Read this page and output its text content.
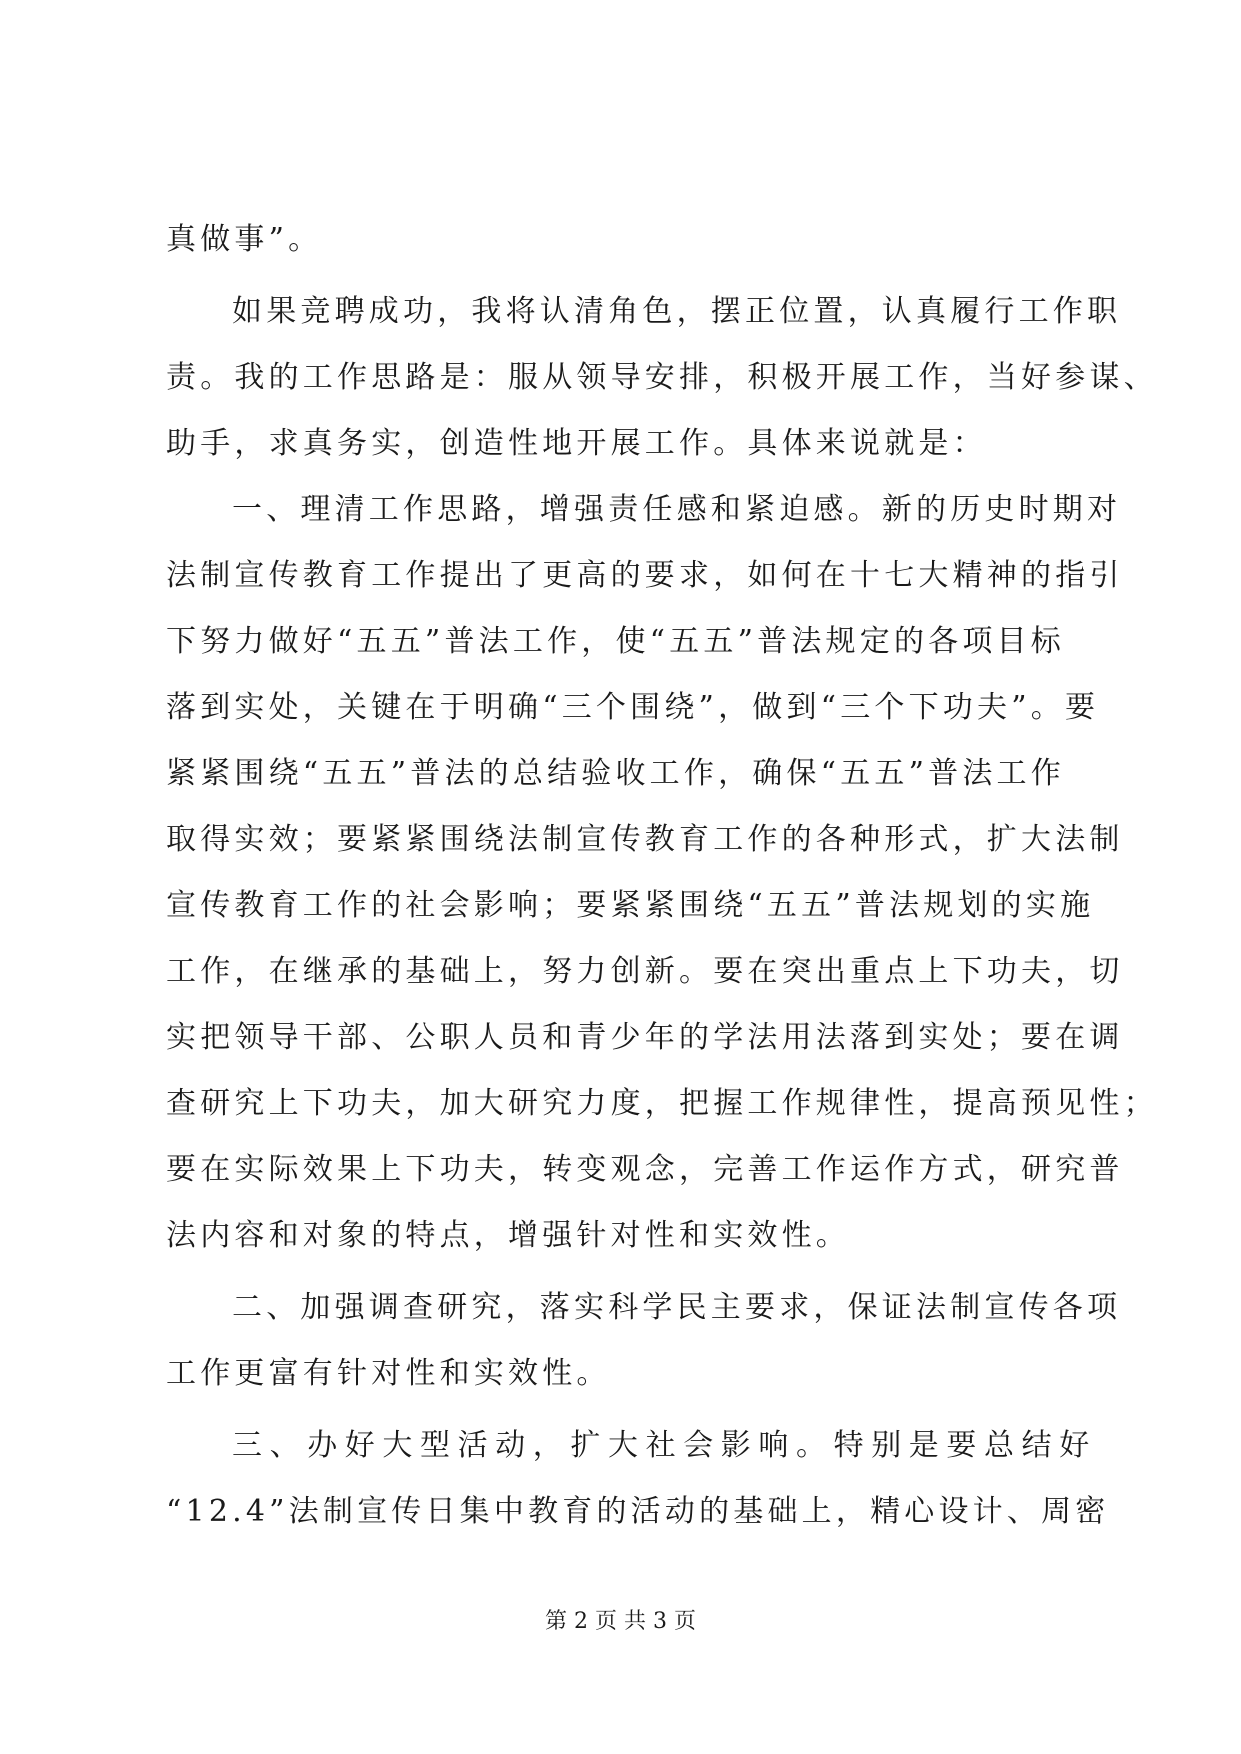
真做事”。
如果竞聘成功，我将认清角色，摆正位置，认真履行工作职
责。我的工作思路是：服从领导安排，积极开展工作，当好参谋、
助手，求真务实，创造性地开展工作。具体来说就是：
一、理清工作思路，增强责任感和紧迫感。新的历史时期对
法制宣传教育工作提出了更高的要求，如何在十七大精神的指引
下努力做好“五五”普法工作，使“五五”普法规定的各项目标
落到实处，关键在于明确“三个围绕”，做到“三个下功夫”。要
紧紧围绕“五五”普法的总结验收工作，确保“五五”普法工作
取得实效；要紧紧围绕法制宣传教育工作的各种形式，扩大法制
宣传教育工作的社会影响；要紧紧围绕“五五”普法规划的实施
工作，在继承的基础上，努力创新。要在突出重点上下功夫，切
实把领导干部、公职人员和青少年的学法用法落到实处；要在调
查研究上下功夫，加大研究力度，把握工作规律性，提高预见性；
要在实际效果上下功夫，转变观念，完善工作运作方式，研究普
法内容和对象的特点，增强针对性和实效性。
二、加强调查研究，落实科学民主要求，保证法制宣传各项
工作更富有针对性和实效性。
三、办好大型活动，扩大社会影响。特别是要总结好
“12.4”法制宣传日集中教育的活动的基础上，精心设计、周密
第 2 页 共 3 页
